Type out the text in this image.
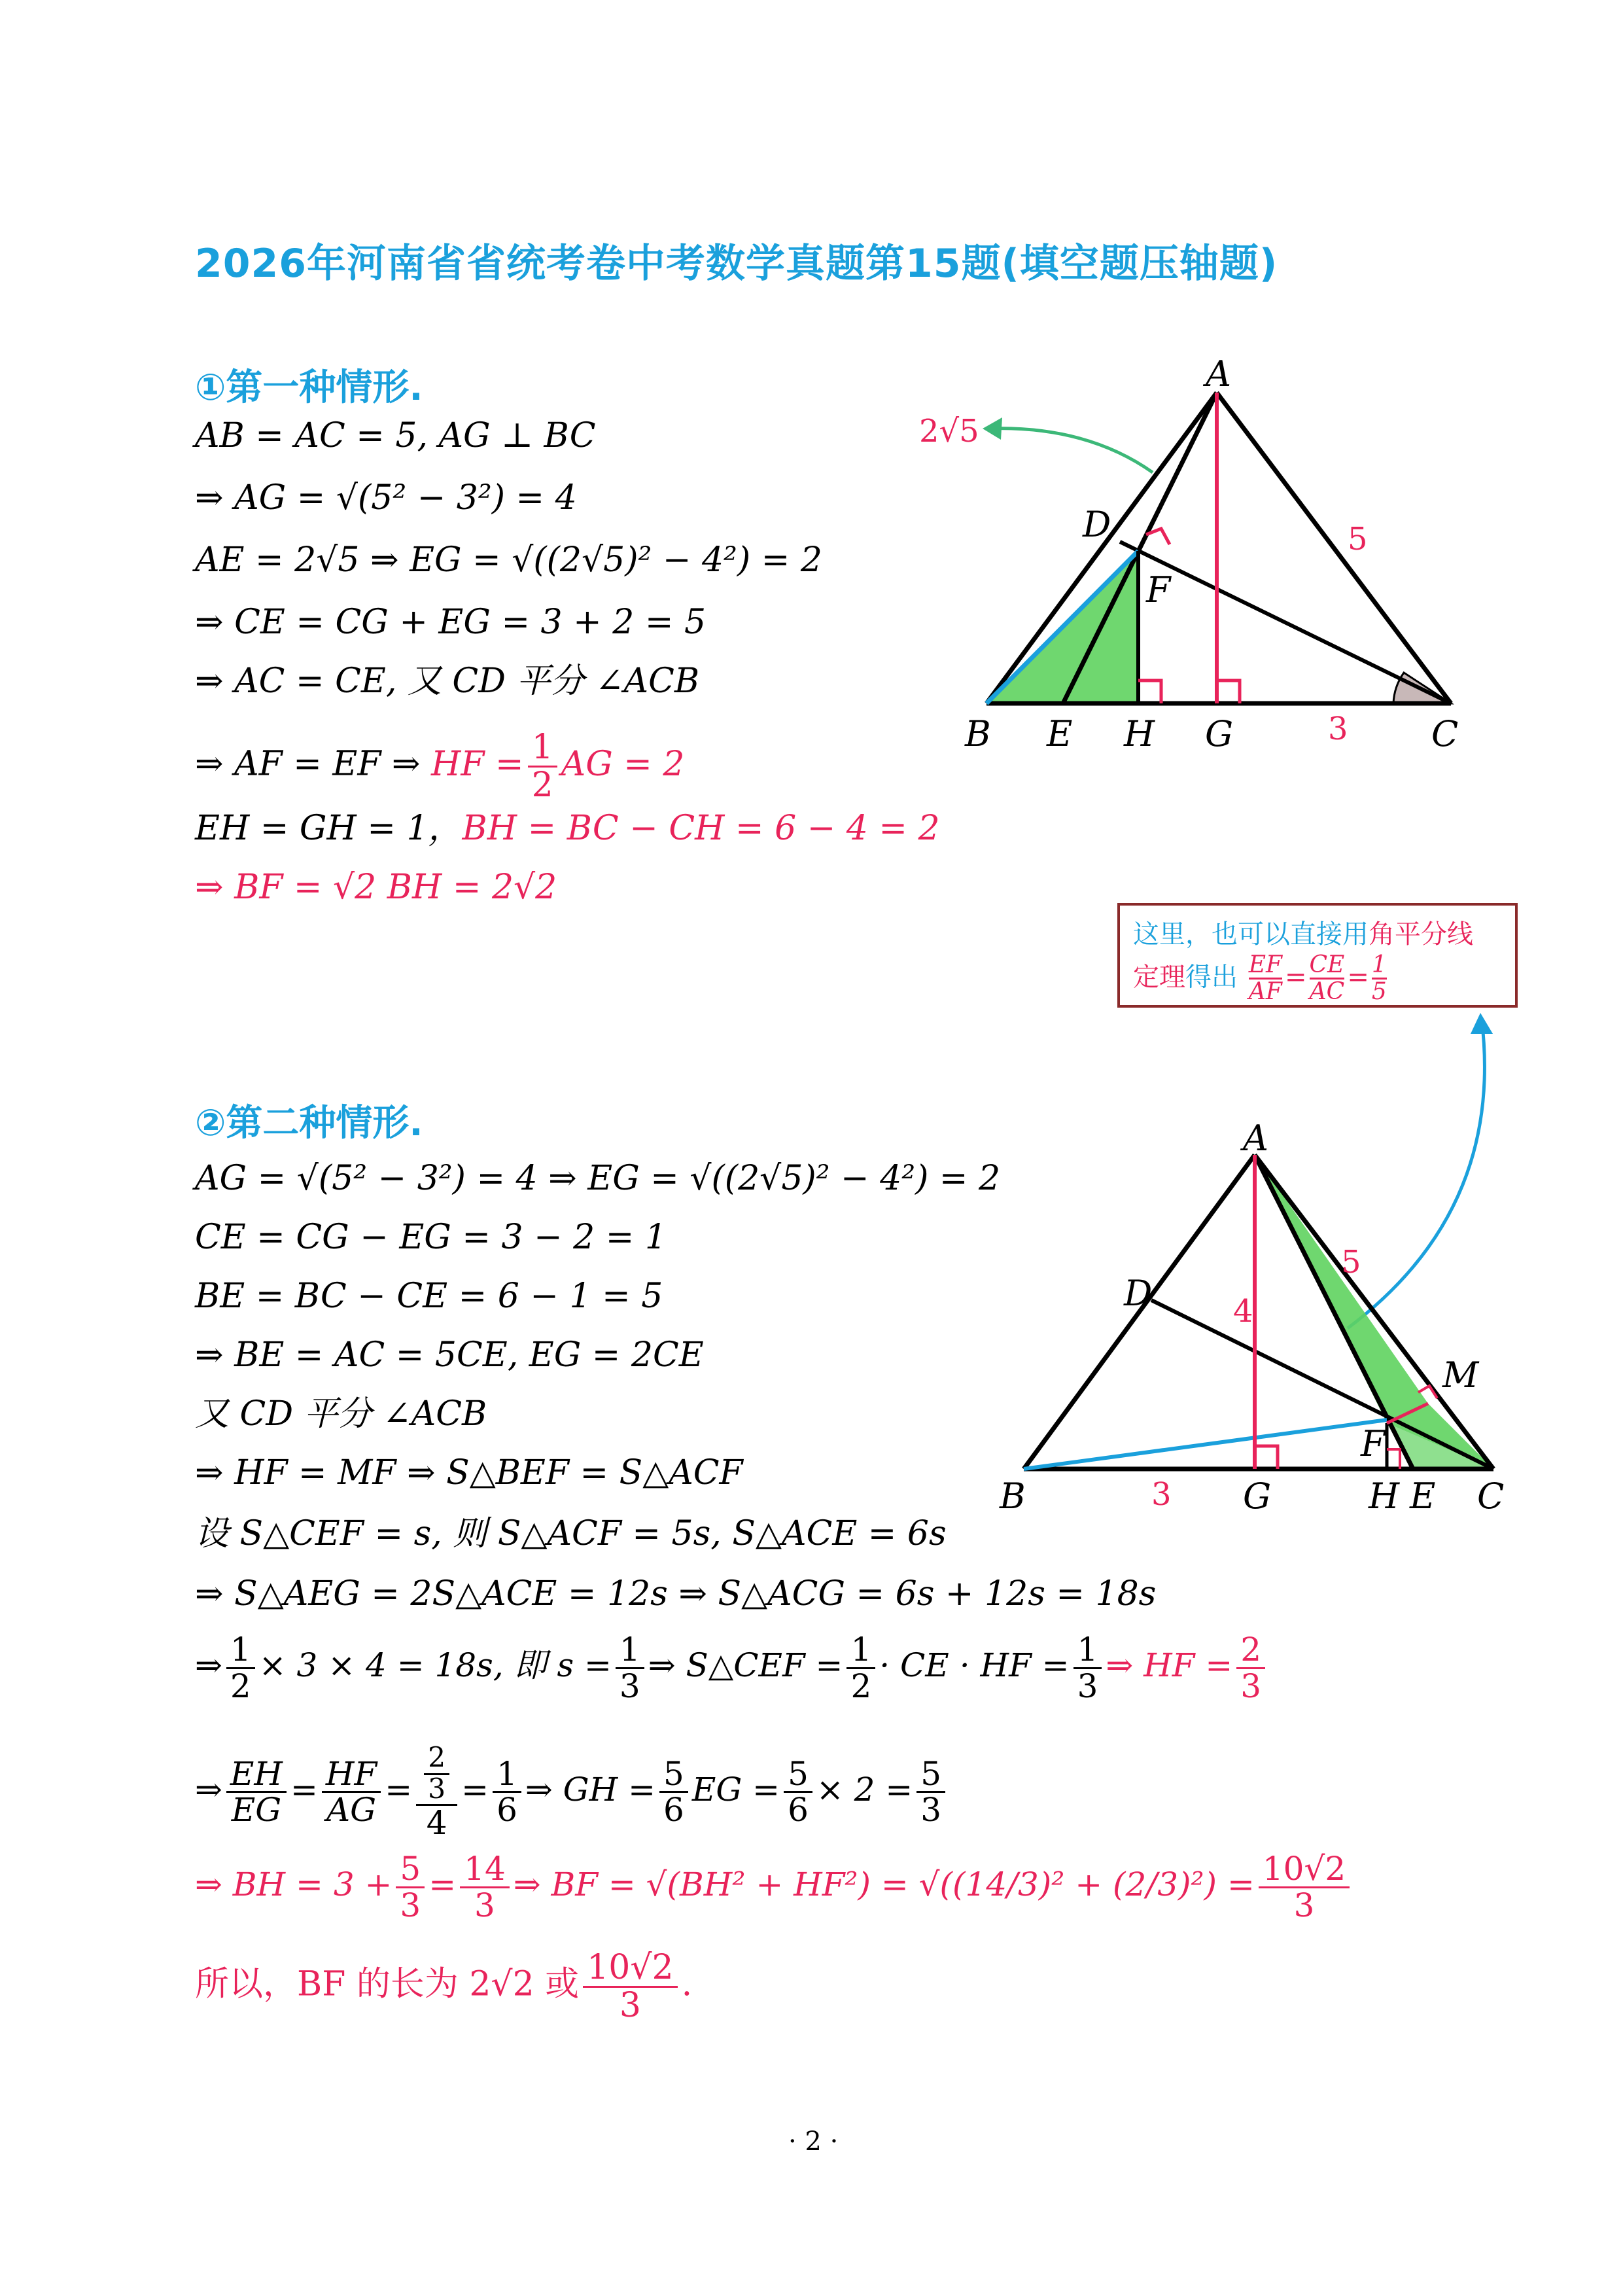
2026年河南省省统考卷中考数学真题第15题(填空题压轴题)
①第一种情形.
AB = AC = 5, AG ⊥ BC
⇒ AG = √(5² − 3²) = 4
AE = 2√5 ⇒ EG = √((2√5)² − 4²) = 2
⇒ CE = CG + EG = 3 + 2 = 5
⇒ AC = CE, 又 CD 平分 ∠ACB
⇒ AF = EF ⇒ HF = $\frac{1}{2}$ AG = 2
EH = GH = 1，BH = BC − CH = 6 − 4 = 2
⇒ BF = √2 BH = 2√2
这里，也可以直接用角平分线
定理得出 $\frac{EF}{AF} = \frac{CE}{AC} = \frac{1}{5}$
②第二种情形.
AG = √(5² − 3²) = 4 ⇒ EG = √((2√5)² − 4²) = 2
CE = CG − EG = 3 − 2 = 1
BE = BC − CE = 6 − 1 = 5
⇒ BE = AC = 5CE, EG = 2CE
又 CD 平分 ∠ACB
⇒ HF = MF ⇒ S△BEF = S△ACF
设 S△CEF = s, 则 S△ACF = 5s, S△ACE = 6s
⇒ S△AEG = 2S△ACE = 12s ⇒ S△ACG = 6s + 12s = 18s
⇒ $\frac{1}{2} \times 3 \times 4 = 18s$, 即 $s = \frac{1}{3}$ ⇒ S△CEF = $\frac{1}{2}$ · CE · HF = $\frac{1}{3}$ ⇒ HF = $\frac{2}{3}$
⇒ $\frac{EH}{EG} = \frac{HF}{AG} = \frac{\frac{2}{3}}{4} = \frac{1}{6}$ ⇒ GH = $\frac{5}{6}$ EG = $\frac{5}{6} \times 2 = \frac{5}{3}$
⇒ BH = $3 + \frac{5}{3} = \frac{14}{3}$ ⇒ BF = $√(BH^2 + HF^2) = √((14/3)^2 + (2/3)^2) = \frac{10√2}{3}$
所以，BF 的长为 2√2 或 $\frac{10√2}{3}$ .
· 2 ·
A
B	C
D
E
F
G
H
5
3
2√5
A
B	C
D
E
F
G	H
M
5
4
3
